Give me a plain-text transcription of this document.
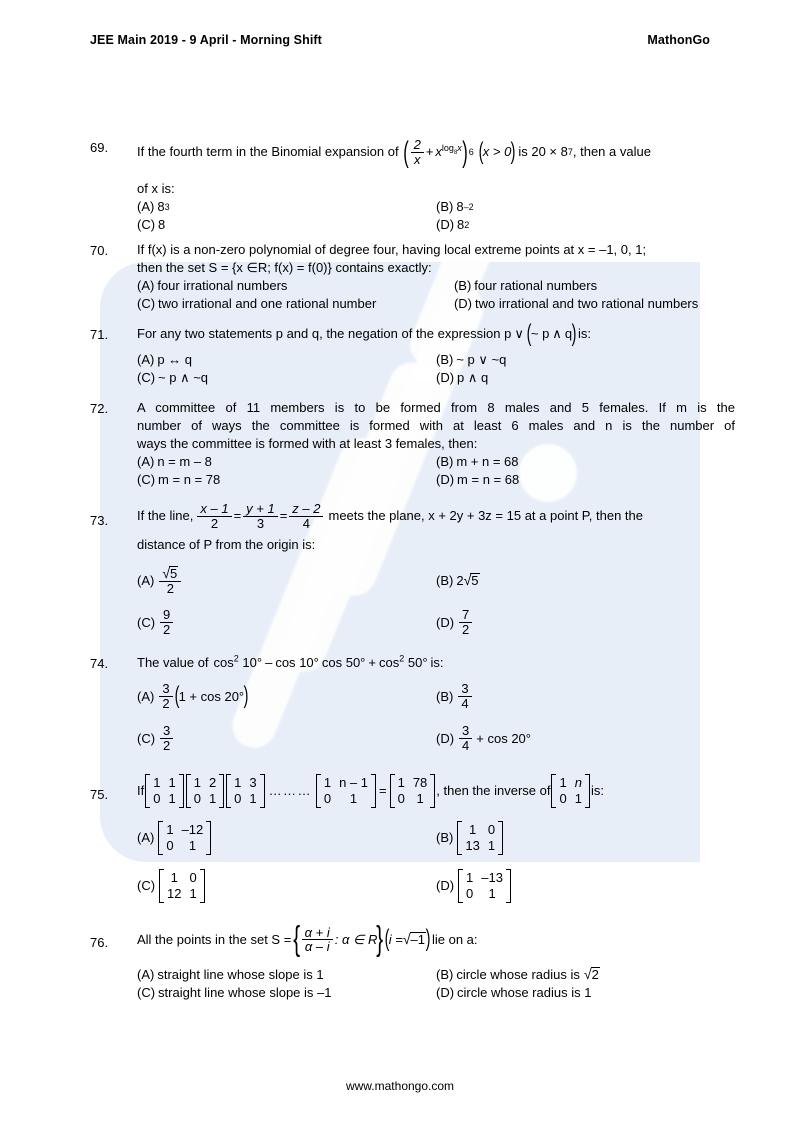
JEE Main 2019 - 9 April - Morning Shift	MathonGo
69.	If the fourth term in the Binomial expansion of ( $\frac{2}{x} + x^{log_8x}$ ) 6 ( x > 0 ) is 20 × 8 7 , then a value
of x is:
(A) 8 3	(B) 8 –2
(C) 8	(D) 8 2
70.	If f(x) is a non-zero polynomial of degree four, having local extreme points at x = –1, 0, 1;
then the set S = {x ∈R; f(x) = f(0)} contains exactly:
(A) four irrational numbers	(B) four rational numbers
(C) two irrational and one rational number	(D) two irrational and two rational numbers
71.	For any two statements p and q, the negation of the expression p ∨ ( ~ p ∧ q ) is:
(A) p ↔ q	(B) ~ p ∨ ~q
(C) ~ p ∧ ~q	(D) p ∧ q
72.	A committee of 11 members is to be formed from 8 males and 5 females. If m is the
number of ways the committee is formed with at least 6 males and n is the number of
ways the committee is formed with at least 3 females, then:
(A) n = m – 8	(B) m + n = 68
(C) m = n = 78	(D) m = n = 68
73.	If the line, $\frac{x - 1}{2} = \frac{y + 1}{3} = \frac{z - 2}{4}$ meets the plane, x + 2y + 3z = 15 at a point P, then the
distance of P from the origin is:
$(A) \frac{√ 5}{2}$	(B) 2 √ 5
$(C) \frac{9}{2}$	$(D) \frac{7}{2}$
74.	The value of $\cos^2 10^\circ$ – cos 10° $\cos 50^\circ + \cos^2 50^\circ$ is:
$(A) \frac{3}{2}$ ( 1 + cos 20° )	$(B) \frac{3}{4}$
$(C) \frac{3}{2}$	$(D) \frac{3}{4} + \cos 20^\circ$
75.	If
1 1
0 1
1 2
0 1
1 3
0 1
………
1 n – 1
0	1
=
1 78
0 1
, then the inverse of
1 n
0 1
is:
(A)
1 –12
0	1
(B)
1 0
13 1
(C)
1 0
12 1
(D)
1 –13
0	1
76.	All the points in the set S = { $\frac{\alpha + i}{\alpha - i}$ : α ∈ R } ( i = √ –1 ) lie on a:
(A) straight line whose slope is 1	(B) circle whose radius is √ 2
(C) straight line whose slope is –1	(D) circle whose radius is 1
www.mathongo.com
